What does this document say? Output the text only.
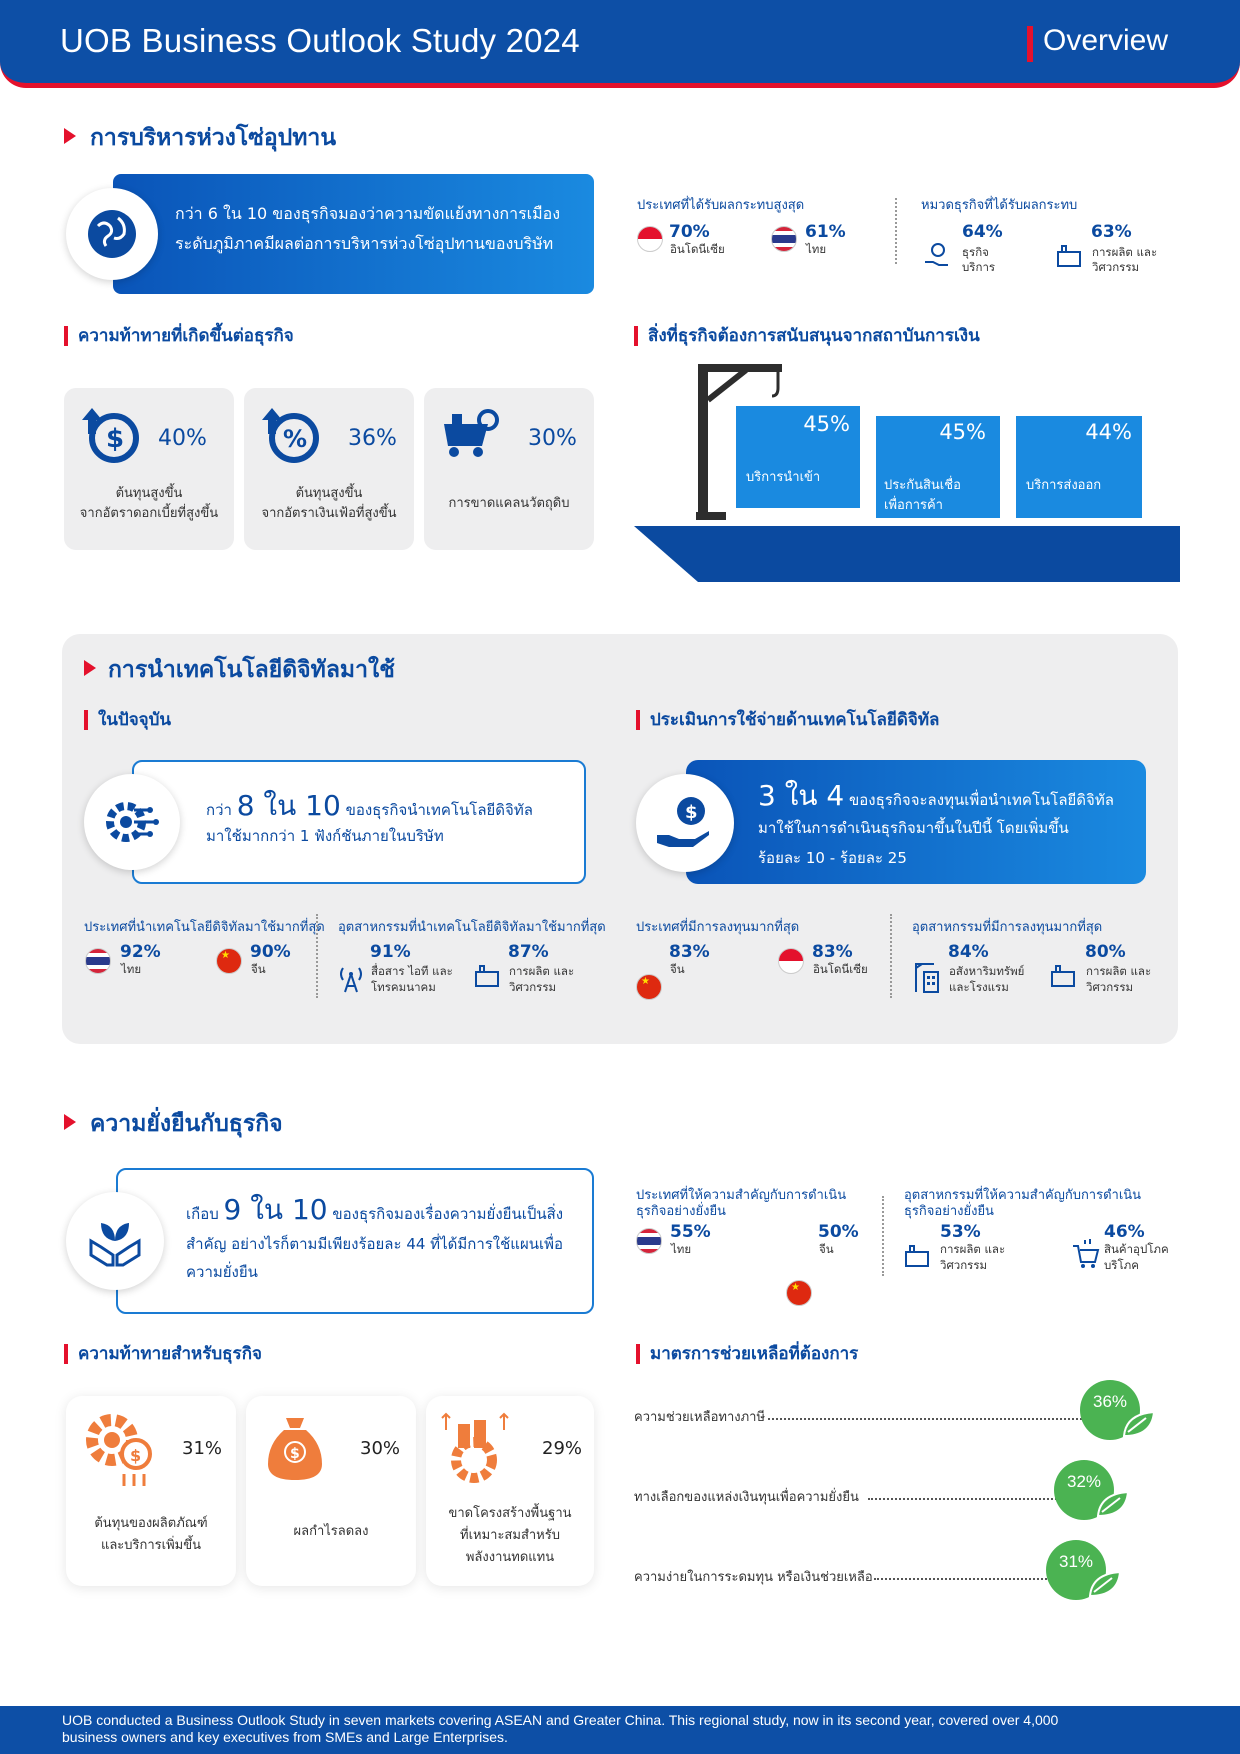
UOB Business Outlook Study 2024	Overview
การบริหารห่วงโซ่อุปทาน
กว่า 6 ใน 10 ของธุรกิจมองว่าความขัดแย้งทางการเมือง
ระดับภูมิภาคมีผลต่อการบริหารห่วงโซ่อุปทานของบริษัท
ประเทศที่ได้รับผลกระทบสูงสุด
70%
อินโดนีเซีย
61%
ไทย
หมวดธุรกิจที่ได้รับผลกระทบ
64%
ธุรกิจ
บริการ
63%
การผลิต และ
วิศวกรรม
ความท้าทายที่เกิดขึ้นต่อธุรกิจ
$ 40%
ต้นทุนสูงขึ้น
จากอัตราดอกเบี้ยที่สูงขึ้น
% 36%
ต้นทุนสูงขึ้น
จากอัตราเงินเฟ้อที่สูงขึ้น
30%
การขาดแคลนวัตถุดิบ
สิ่งที่ธุรกิจต้องการสนับสนุนจากสถาบันการเงิน
45%
บริการนำเข้า
45%
ประกันสินเชื่อ
เพื่อการค้า
44%
บริการส่งออก
การนำเทคโนโลยีดิจิทัลมาใช้
ในปัจจุบัน
กว่า 8 ใน 10 ของธุรกิจนำเทคโนโลยีดิจิทัล
มาใช้มากกว่า 1 ฟังก์ชันภายในบริษัท
ประเมินการใช้จ่ายด้านเทคโนโลยีดิจิทัล
3 ใน 4 ของธุรกิจจะลงทุนเพื่อนำเทคโนโลยีดิจิทัล
มาใช้ในการดำเนินธุรกิจมาขึ้นในปีนี้ โดยเพิ่มขึ้น
ร้อยละ 10 - ร้อยละ 25
$
ประเทศที่นำเทคโนโลยีดิจิทัลมาใช้มากที่สุด
92%
ไทย
★
90%
จีน
อุตสาหกรรมที่นำเทคโนโลยีดิจิทัลมาใช้มากที่สุด
91%
สื่อสาร ไอที และ
โทรคมนาคม
87%
การผลิต และ
วิศวกรรม
ประเทศที่มีการลงทุนมากที่สุด
★
83%
จีน
83%
อินโดนีเซีย
อุตสาหกรรมที่มีการลงทุนมากที่สุด
84%
อสังหาริมทรัพย์
และโรงแรม
80%
การผลิต และ
วิศวกรรม
ความยั่งยืนกับธุรกิจ
เกือบ 9 ใน 10 ของธุรกิจมองเรื่องความยั่งยืนเป็นสิ่ง
สำคัญ อย่างไรก็ตามมีเพียงร้อยละ 44 ที่ได้มีการใช้แผนเพื่อ
ความยั่งยืน
ประเทศที่ให้ความสำคัญกับการดำเนิน
ธุรกิจอย่างยั่งยืน
55%
ไทย
★
50%
จีน
อุตสาหกรรมที่ให้ความสำคัญกับการดำเนิน
ธุรกิจอย่างยั่งยืน
53%
การผลิต และ
วิศวกรรม
46%
สินค้าอุปโภค
บริโภค
ความท้าทายสำหรับธุรกิจ
$ 31%
ต้นทุนของผลิตภัณฑ์
และบริการเพิ่มขึ้น
$	30%
ผลกำไรลดลง
29%
ขาดโครงสร้างพื้นฐาน
ที่เหมาะสมสำหรับ
พลังงานทดแทน
มาตรการช่วยเหลือที่ต้องการ
ความช่วยเหลือทางภาษี
36%
ทางเลือกของแหล่งเงินทุนเพื่อความยั่งยืน
32%
ความง่ายในการระดมทุน หรือเงินช่วยเหลือ
31%
UOB conducted a Business Outlook Study in seven markets covering ASEAN and Greater China. This regional study, now in its second year, covered over 4,000
business owners and key executives from SMEs and Large Enterprises.
